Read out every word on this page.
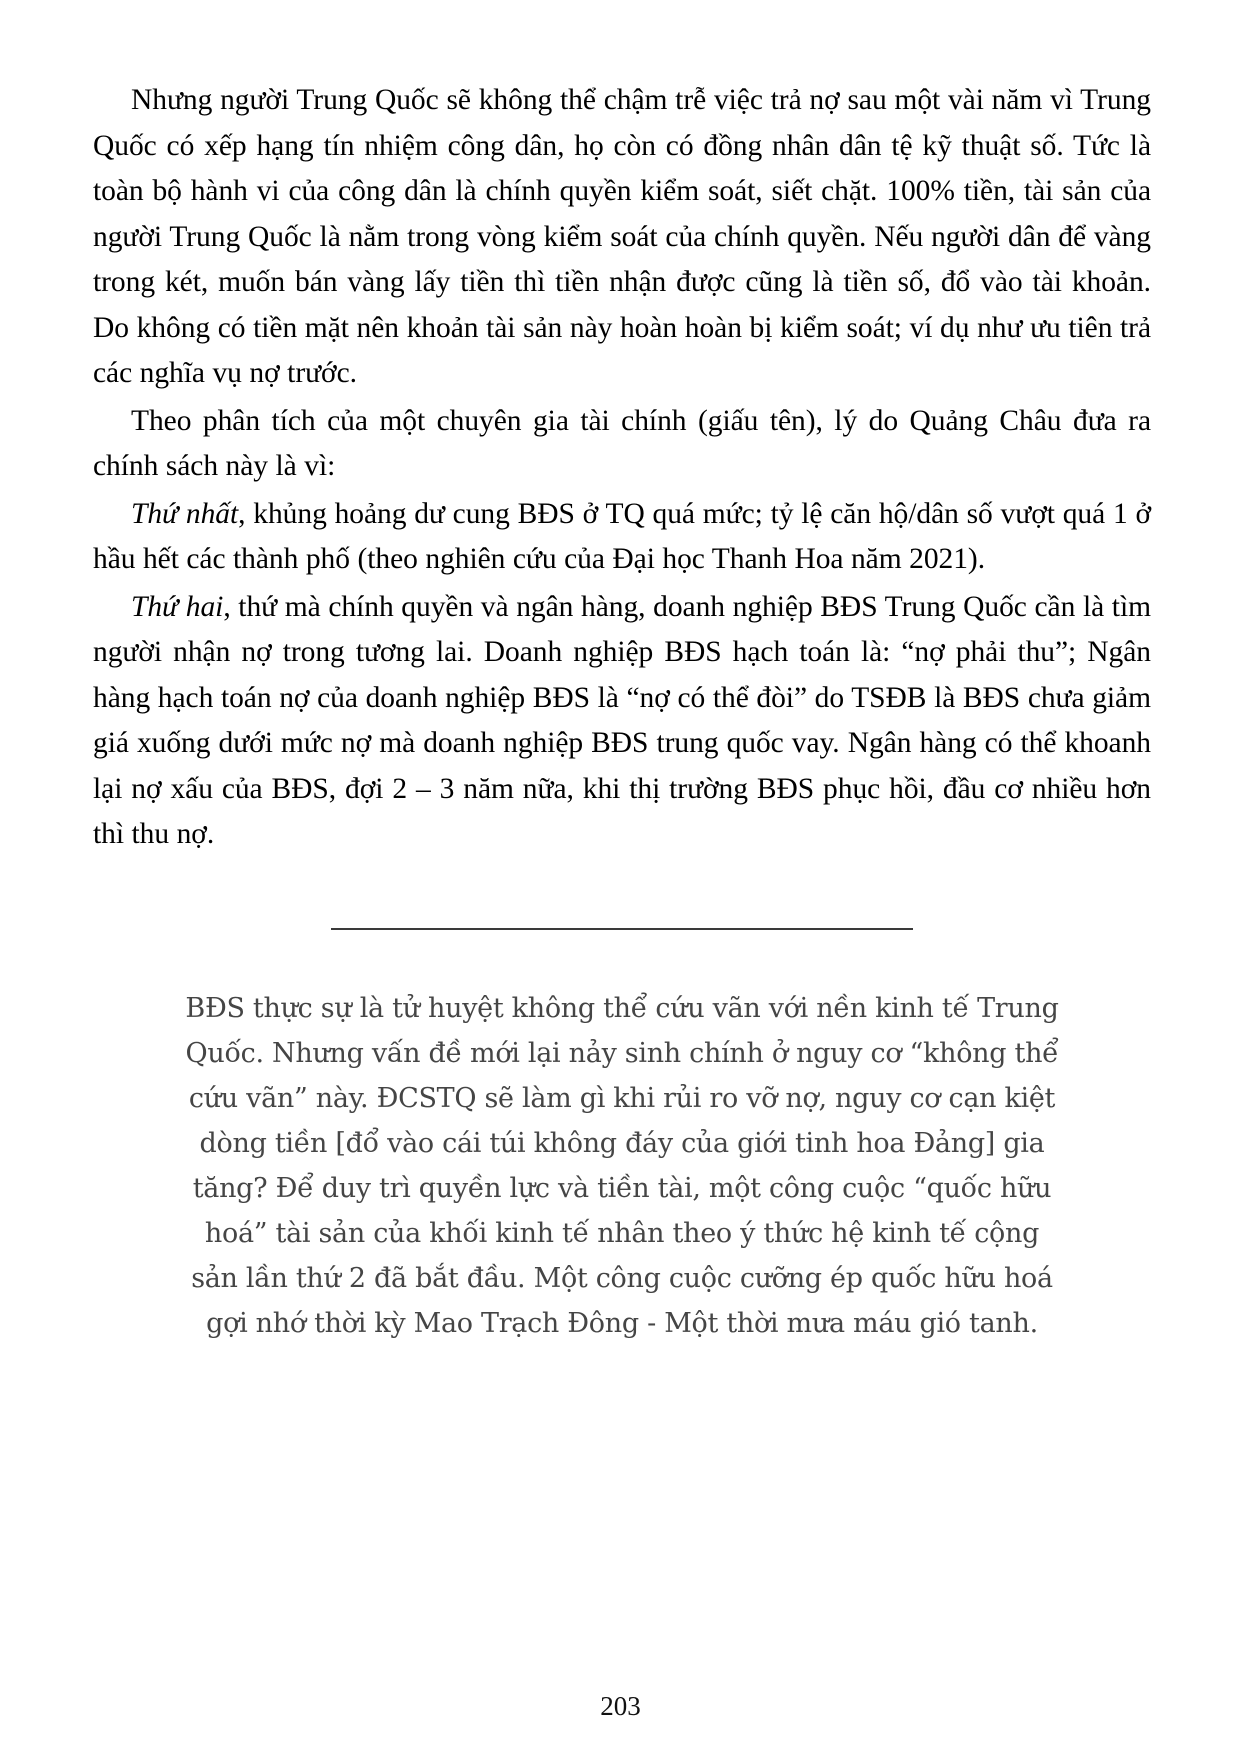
Nhưng người Trung Quốc sẽ không thể chậm trễ việc trả nợ sau một vài năm vì Trung Quốc có xếp hạng tín nhiệm công dân, họ còn có đồng nhân dân tệ kỹ thuật số. Tức là toàn bộ hành vi của công dân là chính quyền kiểm soát, siết chặt. 100% tiền, tài sản của người Trung Quốc là nằm trong vòng kiểm soát của chính quyền. Nếu người dân để vàng trong két, muốn bán vàng lấy tiền thì tiền nhận được cũng là tiền số, đổ vào tài khoản. Do không có tiền mặt nên khoản tài sản này hoàn hoàn bị kiểm soát; ví dụ như ưu tiên trả các nghĩa vụ nợ trước.

Theo phân tích của một chuyên gia tài chính (giấu tên), lý do Quảng Châu đưa ra chính sách này là vì:

Thứ nhất, khủng hoảng dư cung BĐS ở TQ quá mức; tỷ lệ căn hộ/dân số vượt quá 1 ở hầu hết các thành phố (theo nghiên cứu của Đại học Thanh Hoa năm 2021).

Thứ hai, thứ mà chính quyền và ngân hàng, doanh nghiệp BĐS Trung Quốc cần là tìm người nhận nợ trong tương lai. Doanh nghiệp BĐS hạch toán là: “nợ phải thu”; Ngân hàng hạch toán nợ của doanh nghiệp BĐS là “nợ có thể đòi” do TSĐB là BĐS chưa giảm giá xuống dưới mức nợ mà doanh nghiệp BĐS trung quốc vay. Ngân hàng có thể khoanh lại nợ xấu của BĐS, đợi 2 – 3 năm nữa, khi thị trường BĐS phục hồi, đầu cơ nhiều hơn thì thu nợ.

BĐS thực sự là tử huyệt không thể cứu vãn với nền kinh tế Trung Quốc. Nhưng vấn đề mới lại nảy sinh chính ở nguy cơ “không thể cứu vãn” này. ĐCSTQ sẽ làm gì khi rủi ro vỡ nợ, nguy cơ cạn kiệt dòng tiền [đổ vào cái túi không đáy của giới tinh hoa Đảng] gia tăng? Để duy trì quyền lực và tiền tài, một công cuộc “quốc hữu hoá” tài sản của khối kinh tế nhân theo ý thức hệ kinh tế cộng sản lần thứ 2 đã bắt đầu. Một công cuộc cưỡng ép quốc hữu hoá gợi nhớ thời kỳ Mao Trạch Đông - Một thời mưa máu gió tanh.

203
